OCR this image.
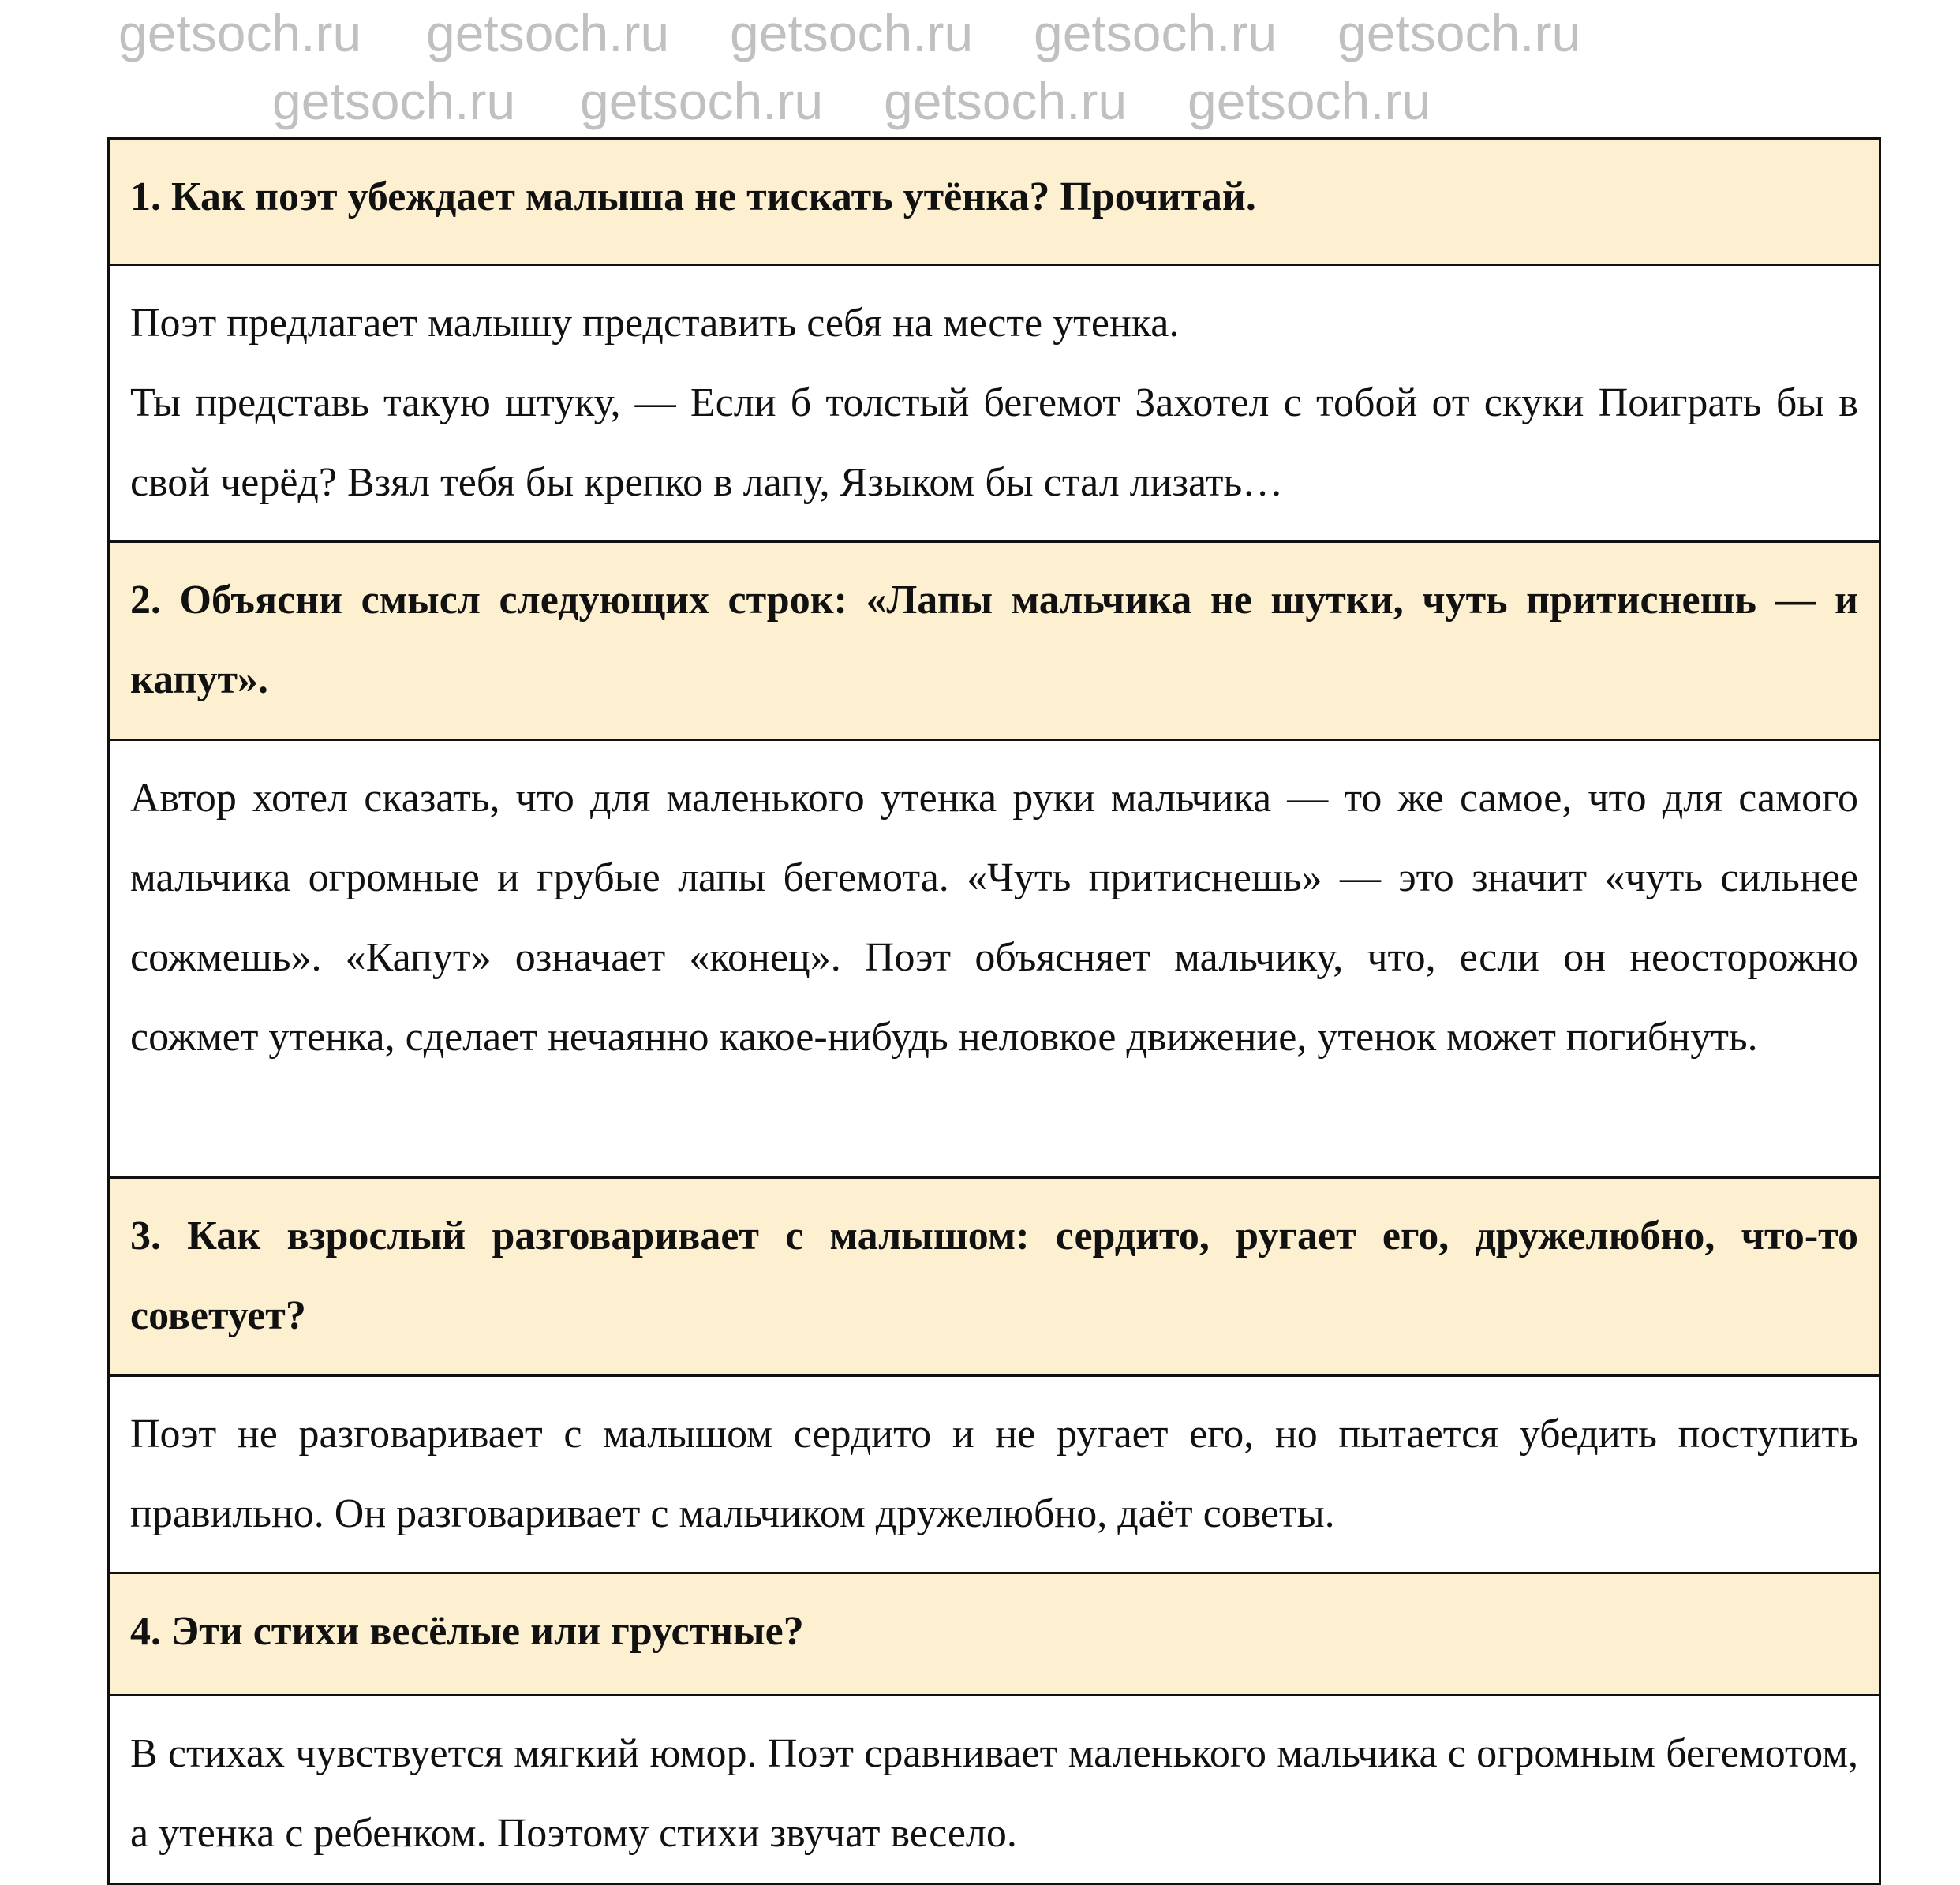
getsoch.ru
getsoch.ru getsoch.ru getsoch.ru getsoch.ru
getsoch.ru getsoch.ru getsoch.ru getsoch.ru
1. Как поэт убеждает малыша не тискать утёнка? Прочитай.

Поэт предлагает малышу представить себя на месте утенка.

Ты представь такую штуку, — Если б толстый бегемот Захотел с тобой от скуки Поиграть бы в свой черёд? Взял тебя бы крепко в лапу, Языком бы стал лизать…

2. Объясни смысл следующих строк: «Лапы мальчика не шутки, чуть притиснешь — и капут».

Автор хотел сказать, что для маленького утенка руки мальчика — то же самое, что для самого мальчика огромные и грубые лапы бегемота. «Чуть притиснешь» — это значит «чуть сильнее сожмешь». «Капут» означает «конец». Поэт объясняет мальчику, что, если он неосторожно сожмет утенка, сделает нечаянно какое-нибудь неловкое движение, утенок может погибнуть.

3. Как взрослый разговаривает с малышом: сердито, ругает его, дружелюбно, что-то советует?

Поэт не разговаривает с малышом сердито и не ругает его, но пытается убедить поступить правильно. Он разговаривает с мальчиком дружелюбно, даёт советы.

4. Эти стихи весёлые или грустные?

В стихах чувствуется мягкий юмор. Поэт сравнивает маленького мальчика с огромным бегемотом, а утенка с ребенком. Поэтому стихи звучат весело.
